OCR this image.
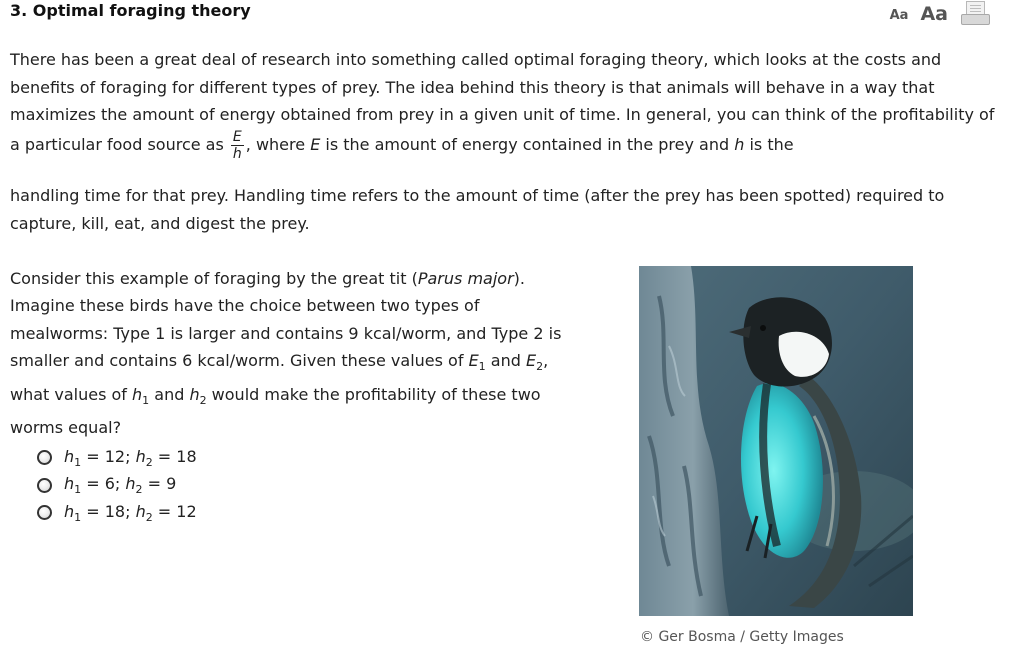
3. Optimal foraging theory	Aa Aa
There has been a great deal of research into something called optimal foraging theory, which looks at the costs and benefits of foraging for different types of prey. The idea behind this theory is that animals will behave in a way that maximizes the amount of energy obtained from prey in a given unit of time. In general, you can think of the profitability of a particular food source as $\frac{E}{h}$ , where E is the amount of energy contained in the prey and h is the
handling time for that prey. Handling time refers to the amount of time (after the prey has been spotted) required to capture, kill, eat, and digest the prey.
Consider this example of foraging by the great tit (Parus major). Imagine these birds have the choice between two types of mealworms: Type 1 is larger and contains 9 kcal/worm, and Type 2 is smaller and contains 6 kcal/worm. Given these values of $E_1$ and $E_2$, what values of $h_1$ and $h_2$ would make the profitability of these two worms equal?
$h_1 = 12$; $h_2 = 18$
$h_1 = 6$; $h_2 = 9$
$h_1 = 18$; $h_2 = 12$
© Ger Bosma / Getty Images
